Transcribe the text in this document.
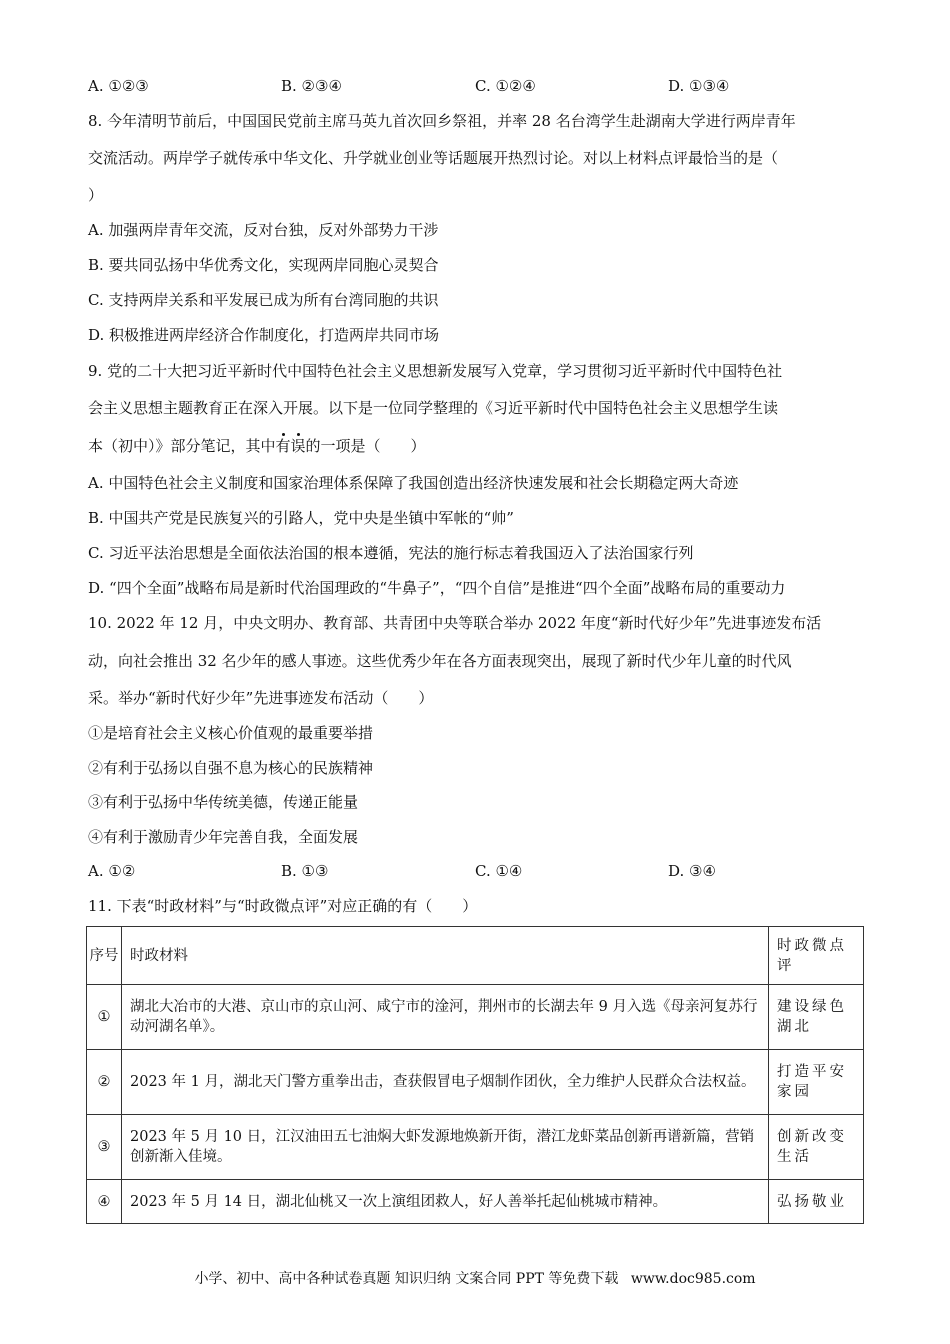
A. ①②③	B. ②③④	C. ①②④	D. ①③④
8. 今年清明节前后，中国国民党前主席马英九首次回乡祭祖，并率 28 名台湾学生赴湖南大学进行两岸青年
交流活动。两岸学子就传承中华文化、升学就业创业等话题展开热烈讨论。对以上材料点评最恰当的是（
）
A. 加强两岸青年交流，反对台独，反对外部势力干涉
B. 要共同弘扬中华优秀文化，实现两岸同胞心灵契合
C. 支持两岸关系和平发展已成为所有台湾同胞的共识
D. 积极推进两岸经济合作制度化，打造两岸共同市场
9. 党的二十大把习近平新时代中国特色社会主义思想新发展写入党章，学习贯彻习近平新时代中国特色社
会主义思想主题教育正在深入开展。以下是一位同学整理的《习近平新时代中国特色社会主义思想学生读
本（初中）》部分笔记，其中有误的一项是（　　）
A. 中国特色社会主义制度和国家治理体系保障了我国创造出经济快速发展和社会长期稳定两大奇迹
B. 中国共产党是民族复兴的引路人，党中央是坐镇中军帐的“帅”
C. 习近平法治思想是全面依法治国的根本遵循，宪法的施行标志着我国迈入了法治国家行列
D. “四个全面”战略布局是新时代治国理政的“牛鼻子”，“四个自信”是推进“四个全面”战略布局的重要动力
10. 2022 年 12 月，中央文明办、教育部、共青团中央等联合举办 2022 年度“新时代好少年”先进事迹发布活
动，向社会推出 32 名少年的感人事迹。这些优秀少年在各方面表现突出，展现了新时代少年儿童的时代风
采。举办“新时代好少年”先进事迹发布活动（　　）
①是培育社会主义核心价值观的最重要举措
②有利于弘扬以自强不息为核心的民族精神
③有利于弘扬中华传统美德，传递正能量
④有利于激励青少年完善自我，全面发展
A. ①②	B. ①③	C. ①④	D. ③④
11. 下表“时政材料”与“时政微点评”对应正确的有（　　）
序号	时政材料	时政微点评
①	湖北大冶市的大港、京山市的京山河、咸宁市的淦河，荆州市的长湖去年 9 月入选《母亲河复苏行动河湖名单》。	建设绿色湖北
②	2023 年 1 月，湖北天门警方重拳出击，查获假冒电子烟制作团伙，全力维护人民群众合法权益。	打造平安家园
③	2023 年 5 月 10 日，江汉油田五七油焖大虾发源地焕新开街，潜江龙虾菜品创新再谱新篇，营销创新渐入佳境。	创新改变生活
④	2023 年 5 月 14 日，湖北仙桃又一次上演组团救人，好人善举托起仙桃城市精神。	弘扬敬业
小学、初中、高中各种试卷真题 知识归纳 文案合同 PPT 等免费下载 www.doc985.com
